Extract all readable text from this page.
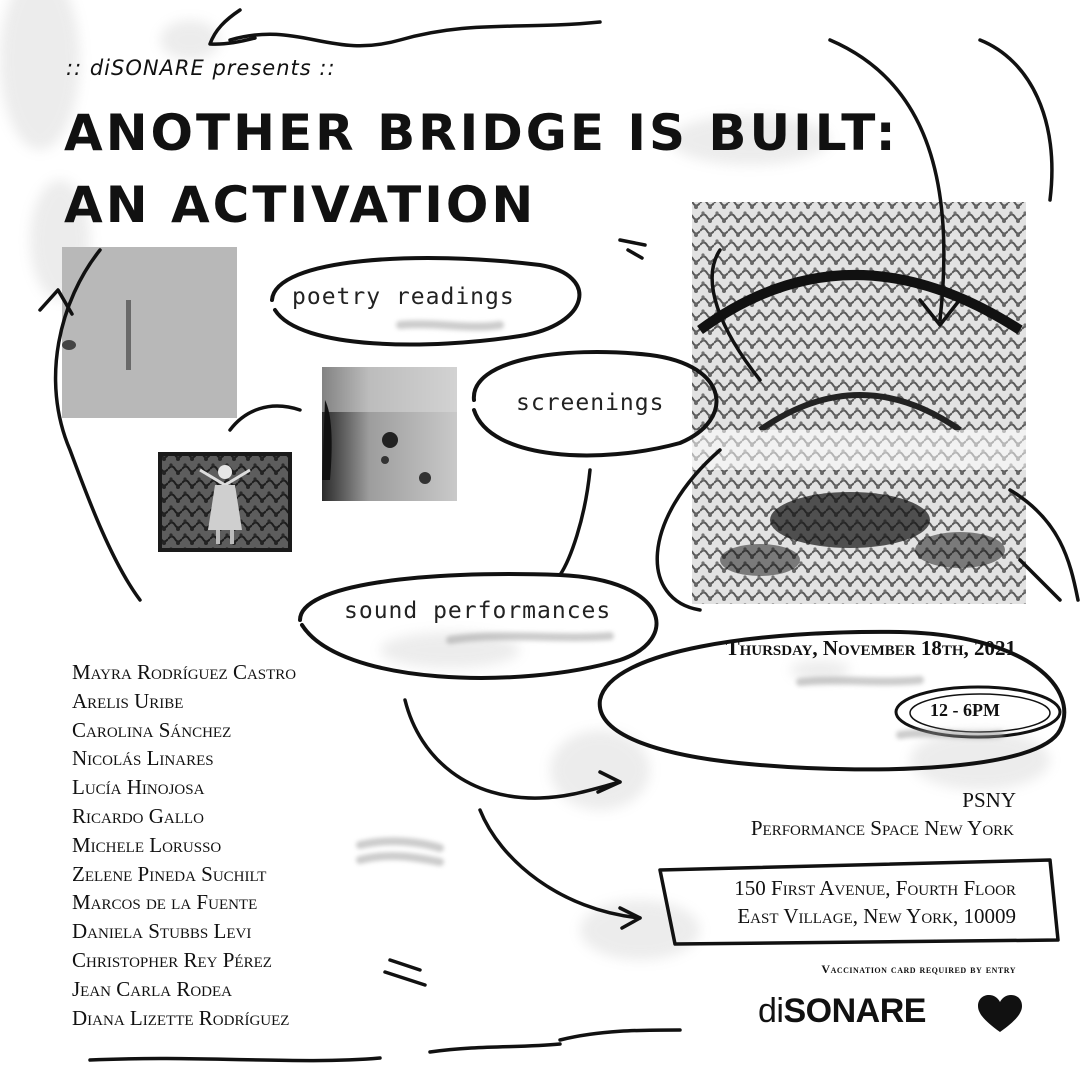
:: diSONARE presents ::
ANOTHER BRIDGE IS BUILT:
AN ACTIVATION
poetry readings
screenings
sound performances
Mayra Rodríguez Castro
Arelis Uribe
Carolina Sánchez
Nicolás Linares
Lucía Hinojosa
Ricardo Gallo
Michele Lorusso
Zelene Pineda Suchilt
Marcos de la Fuente
Daniela Stubbs Levi
Christopher Rey Pérez
Jean Carla Rodea
Diana Lizette Rodríguez
Thursday, November 18th, 2021
12 - 6PM
PSNY
Performance Space New York
150 First Avenue, Fourth Floor
East Village, New York, 10009
Vaccination card required by entry
diSONARE
